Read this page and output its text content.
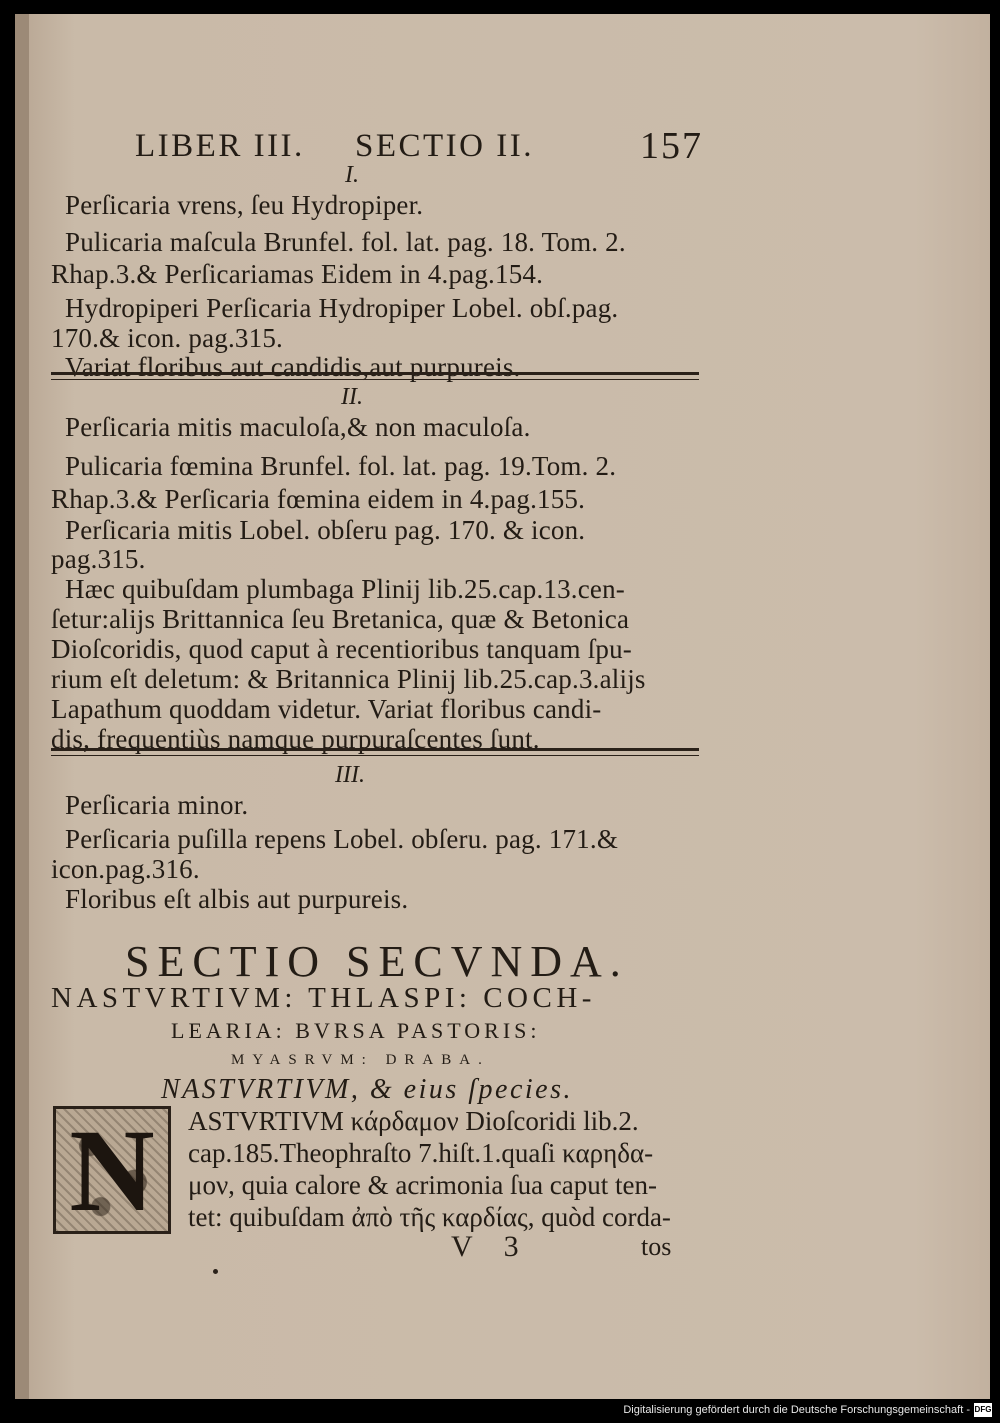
LIBER III. SECTIO II.	157
I.
Perſicaria vrens, ſeu Hydropiper.
Pulicaria maſcula Brunfel. fol. lat. pag. 18. Tom. 2.
Rhap.3.& Perſicariamas Eidem in 4.pag.154.
Hydropiperi Perſicaria Hydropiper Lobel. obſ.pag.
170.& icon. pag.315.
Variat floribus aut candidis,aut purpureis.
II.
Perſicaria mitis maculoſa,& non maculoſa.
Pulicaria fœmina Brunfel. fol. lat. pag. 19.Tom. 2.
Rhap.3.& Perſicaria fœmina eidem in 4.pag.155.
Perſicaria mitis Lobel. obſeru pag. 170. & icon.
pag.315.
Hæc quibuſdam plumbaga Plinij lib.25.cap.13.cen-
ſetur:alijs Brittannica ſeu Bretanica, quæ & Betonica
Dioſcoridis, quod caput à recentioribus tanquam ſpu-
rium eſt deletum: & Britannica Plinij lib.25.cap.3.alijs
Lapathum quoddam videtur. Variat floribus candi-
dis, frequentiùs namque purpuraſcentes ſunt.
III.
Perſicaria minor.
Perſicaria puſilla repens Lobel. obſeru. pag. 171.&
icon.pag.316.
Floribus eſt albis aut purpureis.
SECTIO SECVNDA.
NASTVRTIVM: THLASPI: COCH-
LEARIA: BVRSA PASTORIS:
MYASRVM: DRABA.
NASTVRTIVM, & eius ſpecies.
N	ASTVRTIVM κάρδαμον Dioſcoridi lib.2.
cap.185.Theophraſto 7.hiſt.1.quaſi καρηδα-
μον, quia calore & acrimonia ſua caput ten-
tet: quibuſdam ἀπὸ τῆς καρδίας, quòd corda-
V 3	tos
Digitalisierung gefördert durch die Deutsche Forschungsgemeinschaft - DFG
